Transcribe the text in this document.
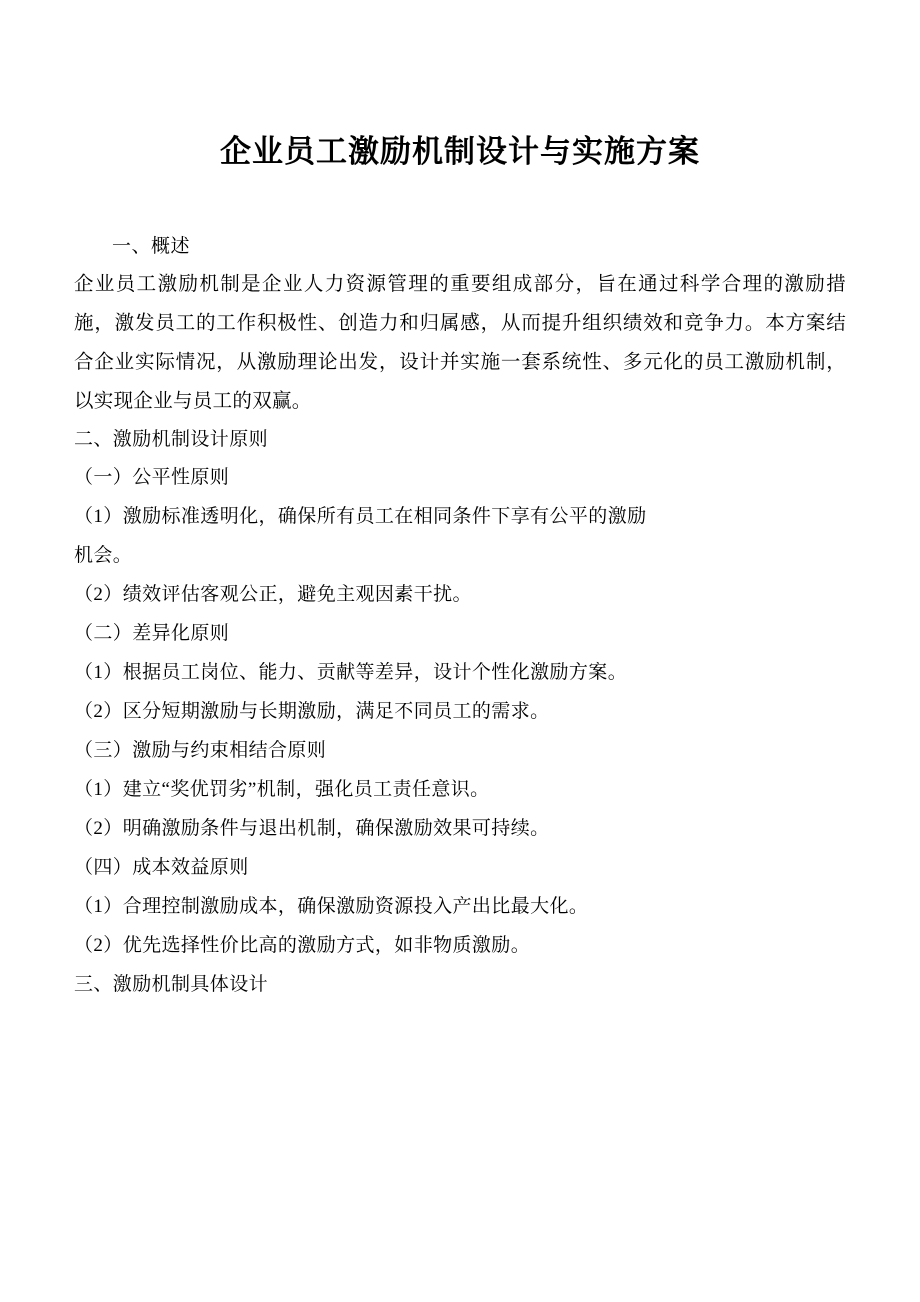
企业员工激励机制设计与实施方案

一、概述

企业员工激励机制是企业人力资源管理的重要组成部分，旨在通过科学合理的激励措施，激发员工的工作积极性、创造力和归属感，从而提升组织绩效和竞争力。本方案结合企业实际情况，从激励理论出发，设计并实施一套系统性、多元化的员工激励机制，以实现企业与员工的双赢。

二、激励机制设计原则

（一）公平性原则

（1）激励标准透明化，确保所有员工在相同条件下享有公平的激励

机会。

（2）绩效评估客观公正，避免主观因素干扰。

（二）差异化原则

（1）根据员工岗位、能力、贡献等差异，设计个性化激励方案。

（2）区分短期激励与长期激励，满足不同员工的需求。

（三）激励与约束相结合原则

（1）建立“奖优罚劣”机制，强化员工责任意识。

（2）明确激励条件与退出机制，确保激励效果可持续。

（四）成本效益原则

（1）合理控制激励成本，确保激励资源投入产出比最大化。

（2）优先选择性价比高的激励方式，如非物质激励。

三、激励机制具体设计
